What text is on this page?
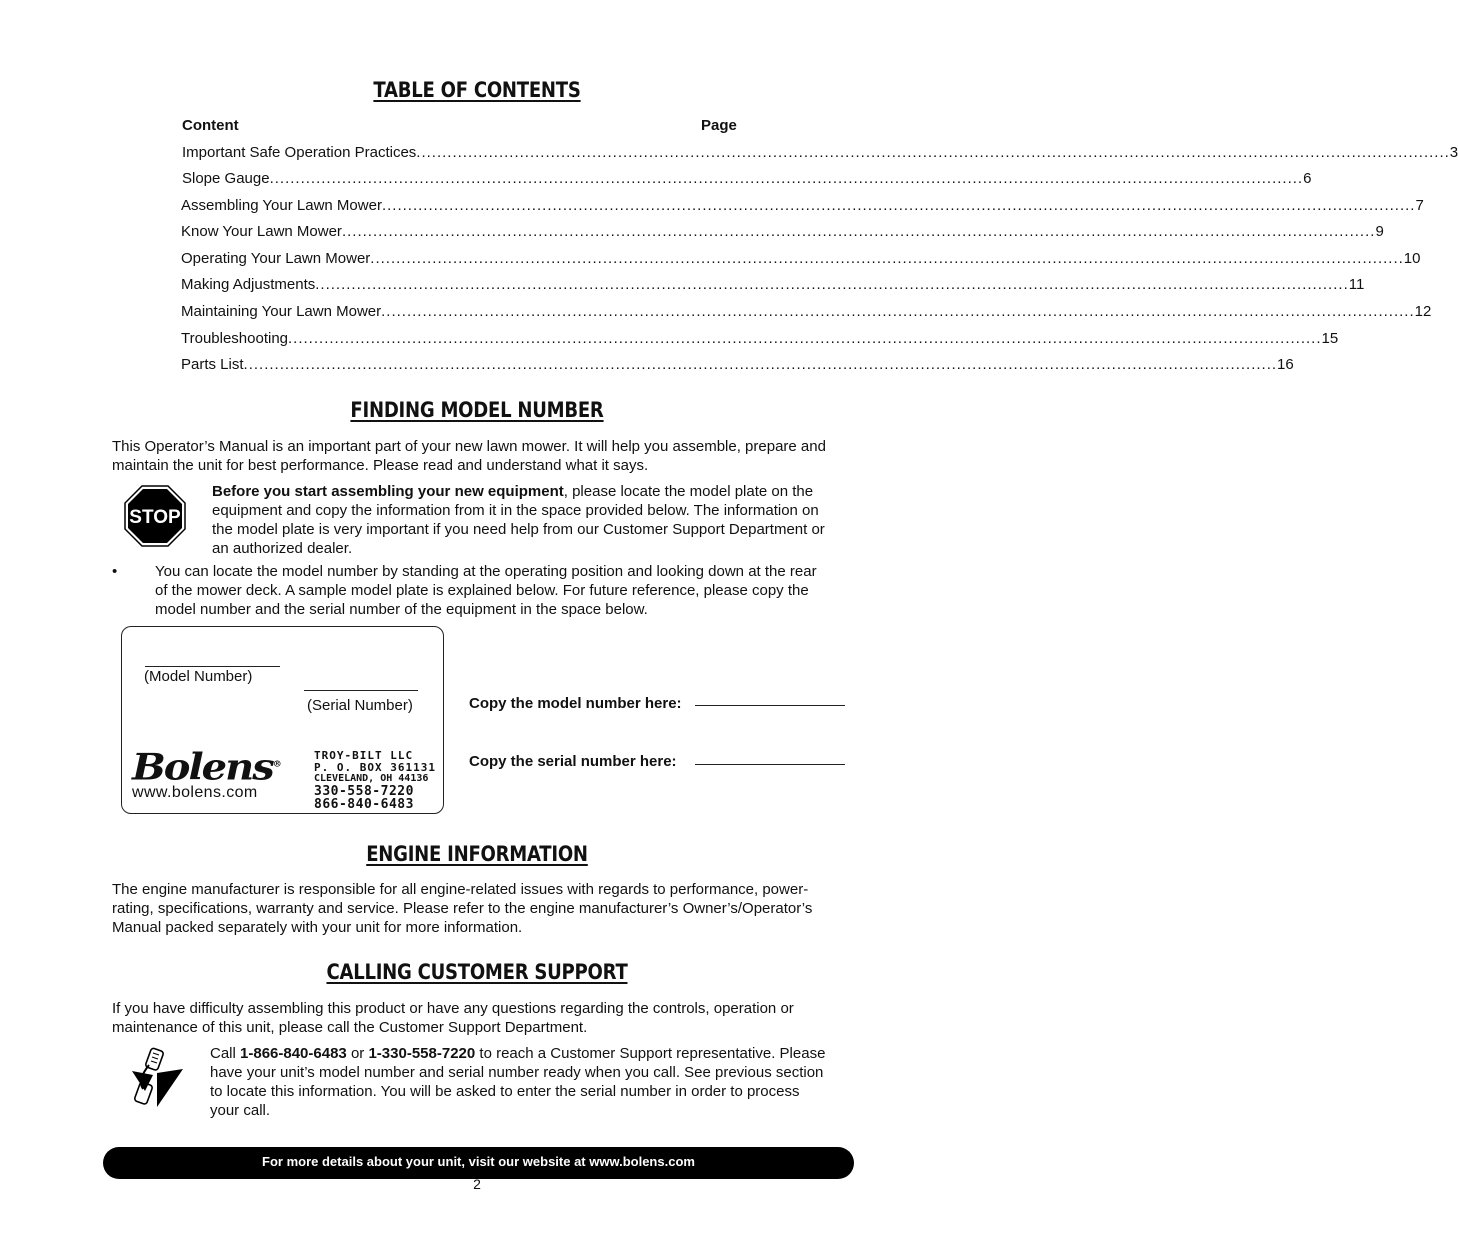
TABLE OF CONTENTS
Content	Page
Important Safe Operation Practices ........................................................................................................................................................................................................ 3
Slope Gauge ........................................................................................................................................................................................................ 6
Assembling Your Lawn Mower ........................................................................................................................................................................................................ 7
Know Your Lawn Mower ........................................................................................................................................................................................................ 9
Operating Your Lawn Mower ........................................................................................................................................................................................................ 10
Making Adjustments ........................................................................................................................................................................................................ 11
Maintaining Your Lawn Mower ........................................................................................................................................................................................................ 12
Troubleshooting ........................................................................................................................................................................................................ 15
Parts List ........................................................................................................................................................................................................ 16
FINDING MODEL NUMBER
This Operator’s Manual is an important part of your new lawn mower. It will help you assemble, prepare and
maintain the unit for best performance. Please read and understand what it says.
STOP
Before you start assembling your new equipment, please locate the model plate on the
equipment and copy the information from it in the space provided below. The information on
the model plate is very important if you need help from our Customer Support Department or
an authorized dealer.
•	You can locate the model number by standing at the operating position and looking down at the rear
of the mower deck. A sample model plate is explained below. For future reference, please copy the
model number and the serial number of the equipment in the space below.
(Model Number)
(Serial Number)
Bolens®
www.bolens.com
TROY-BILT LLC
P. O. BOX 361131
CLEVELAND, OH 44136
330-558-7220
866-840-6483
Copy the model number here:
Copy the serial number here:
ENGINE INFORMATION
The engine manufacturer is responsible for all engine-related issues with regards to performance, power-
rating, specifications, warranty and service. Please refer to the engine manufacturer’s Owner’s/Operator’s
Manual packed separately with your unit for more information.
CALLING CUSTOMER SUPPORT
If you have difficulty assembling this product or have any questions regarding the controls, operation or
maintenance of this unit, please call the Customer Support Department.
Call 1-866-840-6483 or 1-330-558-7220 to reach a Customer Support representative. Please
have your unit’s model number and serial number ready when you call. See previous section
to locate this information. You will be asked to enter the serial number in order to process
your call.
For more details about your unit, visit our website at www.bolens.com
2
